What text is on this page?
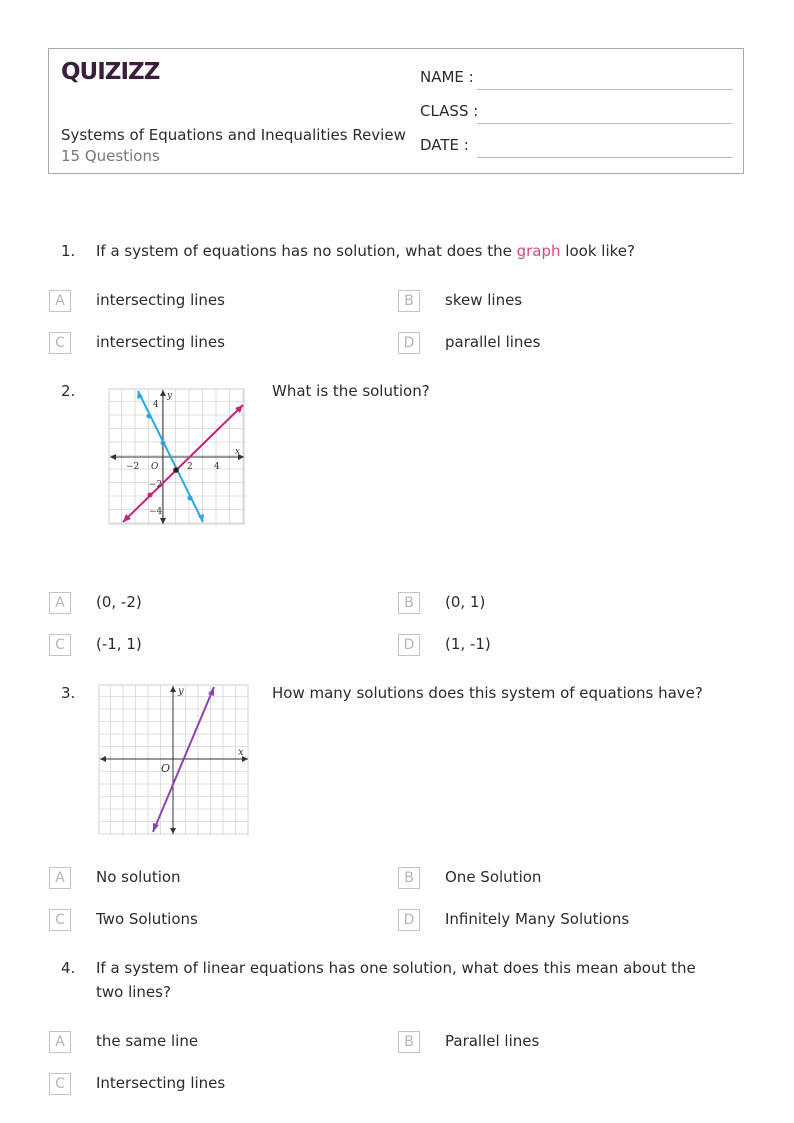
QUIZIZZ
Systems of Equations and Inequalities Review
15 Questions
NAME :
CLASS :
DATE :
1. If a system of equations has no solution, what does the graph look like?
A	intersecting lines	B	skew lines
C	intersecting lines	D	parallel lines
2.	What is the solution?
−2 O	2 4
4
−2
−4
x
y
A	(0, -2)	B	(0, 1)
C	(-1, 1)	D	(1, -1)
3.	How many solutions does this system of equations have?
O
x
y
A	No solution	B	One Solution
C	Two Solutions	D	Infinitely Many Solutions
4. If a system of linear equations has one solution, what does this mean about the two lines?
A	the same line	B	Parallel lines
C	Intersecting lines
